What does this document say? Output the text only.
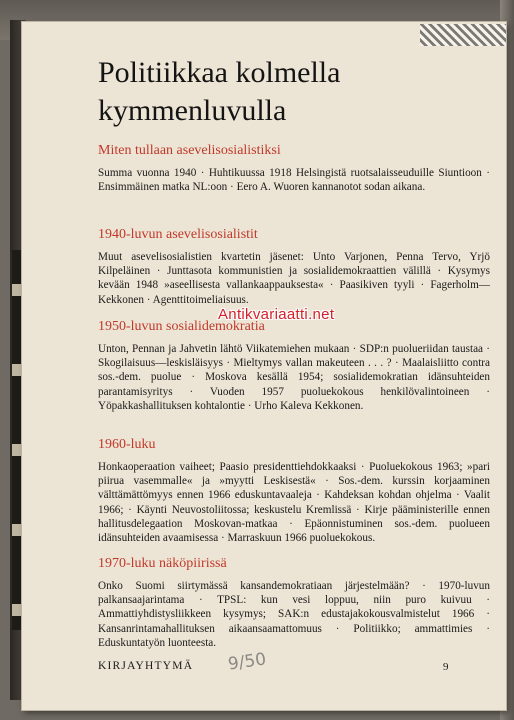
Politiikkaa kolmella
kymmenluvulla
Miten tullaan asevelisosialistiksi

Summa vuonna 1940 · Huhtikuussa 1918 Helsingistä ruotsalaisseuduille Siuntioon · Ensimmäinen matka NL:oon · Eero A. Wuoren kannanotot sodan aikana.

1940-luvun asevelisosialistit

Muut asevelisosialistien kvartetin jäsenet: Unto Varjonen, Penna Tervo, Yrjö Kilpeläinen · Junttasota kommunistien ja sosialidemokraattien välillä · Kysymys kevään 1948 »aseellisesta vallankaappauksesta« · Paasikiven tyyli · Fagerholm—Kekkonen · Agenttitoimeliaisuus.

1950-luvun sosialidemokratia

Unton, Pennan ja Jahvetin lähtö Viikatemiehen mukaan · SDP:n puolueriidan taustaa · Skogilaisuus—leskisläisyys · Mieltymys vallan makeuteen . . . ? · Maalaisliitto contra sos.-dem. puolue · Moskova kesällä 1954; sosialidemokratian idänsuhteiden parantamisyritys · Vuoden 1957 puoluekokous henkilövalintoineen · Yöpakkashallituksen kohtalontie · Urho Kaleva Kekkonen.

1960-luku

Honkaoperaation vaiheet; Paasio presidenttiehdokkaaksi · Puoluekokous 1963; »pari piirua vasemmalle« ja »myytti Leskisestä« · Sos.-dem. kurssin korjaaminen välttämättömyys ennen 1966 eduskuntavaaleja · Kahdeksan kohdan ohjelma · Vaalit 1966; · Käynti Neuvostoliitossa; keskustelu Kremlissä · Kirje pääministerille ennen hallitusdelegaation Moskovan-matkaa · Epäonnistuminen sos.-dem. puolueen idänsuhteiden avaamisessa · Marraskuun 1966 puoluekokous.

1970-luku näköpiirissä

Onko Suomi siirtymässä kansandemokratiaan järjestelmään? · 1970-luvun palkansaajarintama · TPSL: kun vesi loppuu, niin puro kuivuu · Ammattiyhdistysliikkeen kysymys; SAK:n edustajakokousvalmistelut 1966 · Kansanrintamahallituksen aikaansaamattomuus · Politiikko; ammattimies · Eduskuntatyön luonteesta.

Antikvariaatti.net
KIRJAYHTYMÄ 9/50	9
